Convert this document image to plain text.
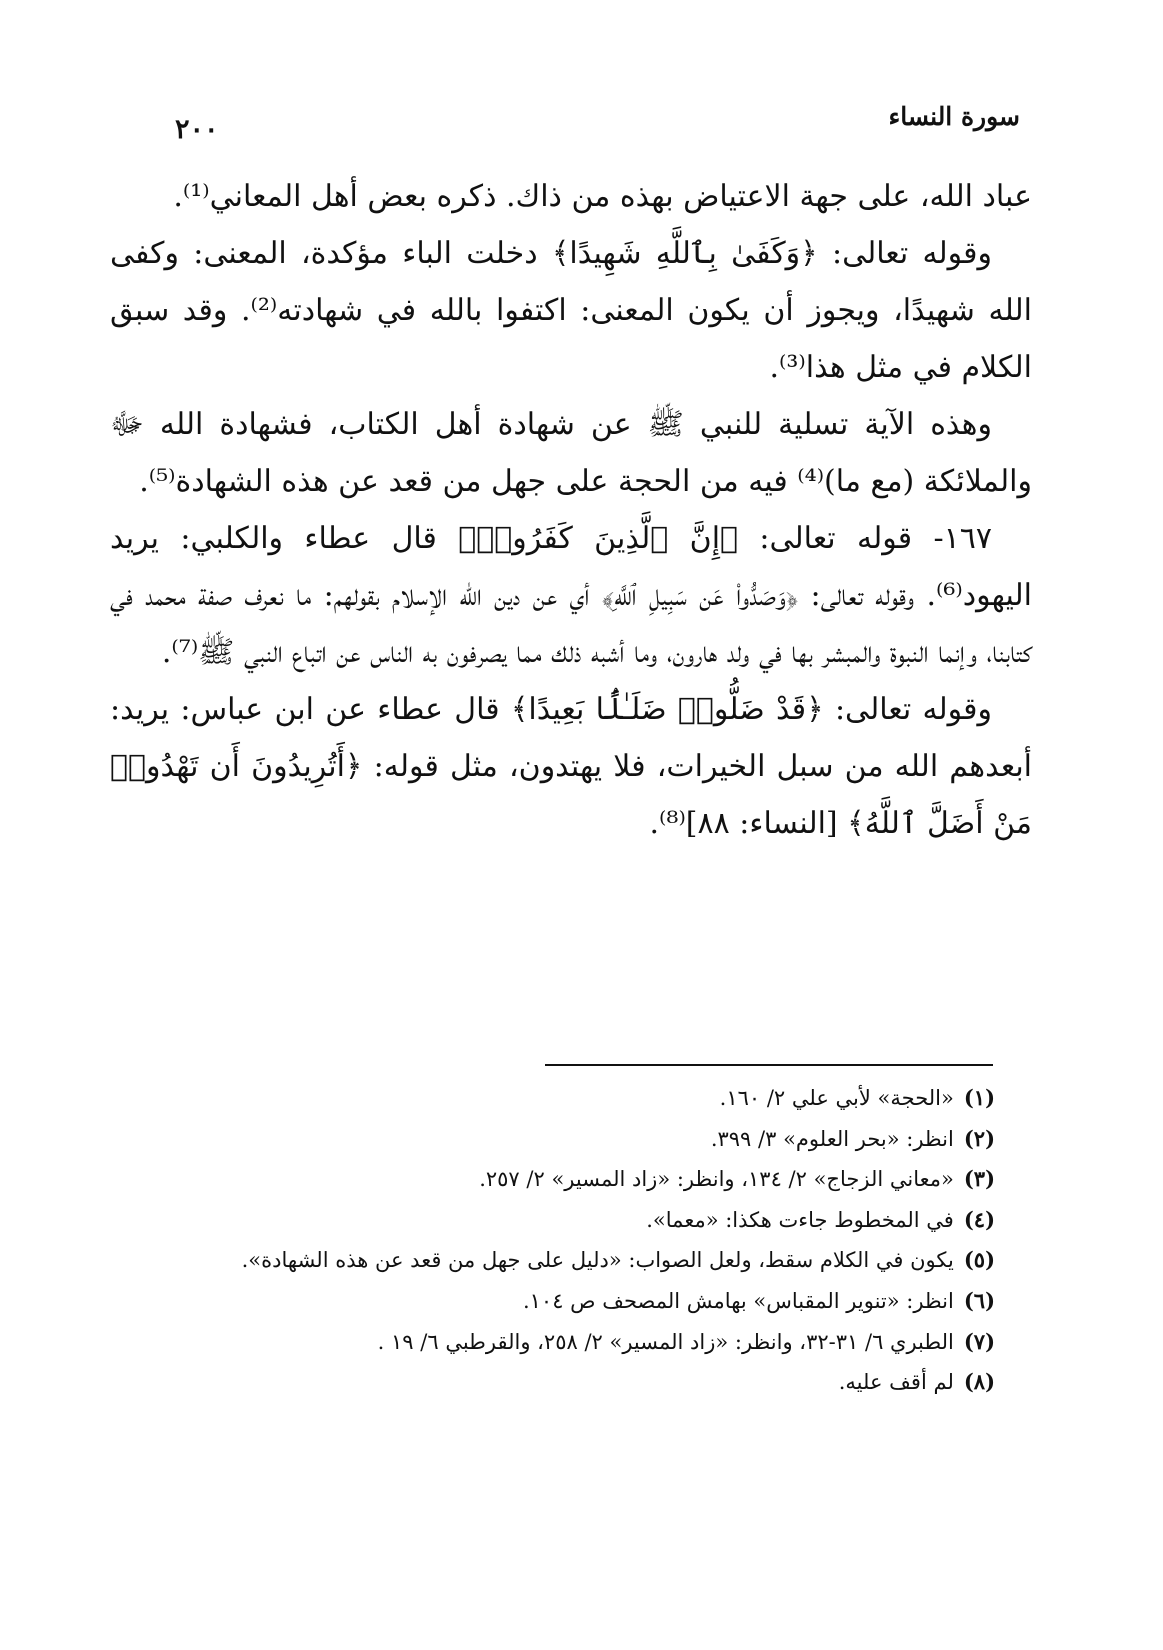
سورة النساء
٢٠٠

عباد الله، على جهة الاعتياض بهذه من ذاك. ذكره بعض أهل المعاني⁽¹⁾.

وقوله تعالى: ﴿وَكَفَىٰ بِٱللَّهِ شَهِيدًا﴾ دخلت الباء مؤكدة، المعنى: وكفى الله شهيدًا، ويجوز أن يكون المعنى: اكتفوا بالله في شهادته⁽²⁾. وقد سبق الكلام في مثل هذا⁽³⁾.

وهذه الآية تسلية للنبي ﷺ عن شهادة أهل الكتاب، فشهادة الله ﷻ والملائكة (مع ما)⁽⁴⁾ فيه من الحجة على جهل من قعد عن هذه الشهادة⁽⁵⁾.

١٦٧- قوله تعالى: ﴿إِنَّ ٱلَّذِينَ كَفَرُوا۟﴾ قال عطاء والكلبي: يريد اليهود⁽⁶⁾. وقوله تعالى: ﴿وَصَدُّوا۟ عَن سَبِيلِ ٱللَّهِ﴾ أي عن دين الله الإسلام بقولهم: ما نعرف صفة محمد في كتابنا، وإنما النبوة والمبشر بها في ولد هارون، وما أشبه ذلك مما يصرفون به الناس عن اتباع النبي ﷺ⁽⁷⁾.

وقوله تعالى: ﴿قَدْ ضَلُّوا۟ ضَلَـٰلًۢا بَعِيدًا﴾ قال عطاء عن ابن عباس: يريد: أبعدهم الله من سبل الخيرات، فلا يهتدون، مثل قوله: ﴿أَتُرِيدُونَ أَن تَهْدُوا۟ مَنْ أَضَلَّ ٱللَّهُ﴾ [النساء: ٨٨]⁽⁸⁾.

(١)«الحجة» لأبي علي ٢/ ١٦٠.
(٢)انظر: «بحر العلوم» ٣/ ٣٩٩.
(٣)«معاني الزجاج» ٢/ ١٣٤، وانظر: «زاد المسير» ٢/ ٢٥٧.
(٤)في المخطوط جاءت هكذا: «معما».
(٥)يكون في الكلام سقط، ولعل الصواب: «دليل على جهل من قعد عن هذه الشهادة».
(٦)انظر: «تنوير المقباس» بهامش المصحف ص ١٠٤.
(٧)الطبري ٦/ ٣١-٣٢، وانظر: «زاد المسير» ٢/ ٢٥٨، والقرطبي ٦/ ١٩ .
(٨)لم أقف عليه.
